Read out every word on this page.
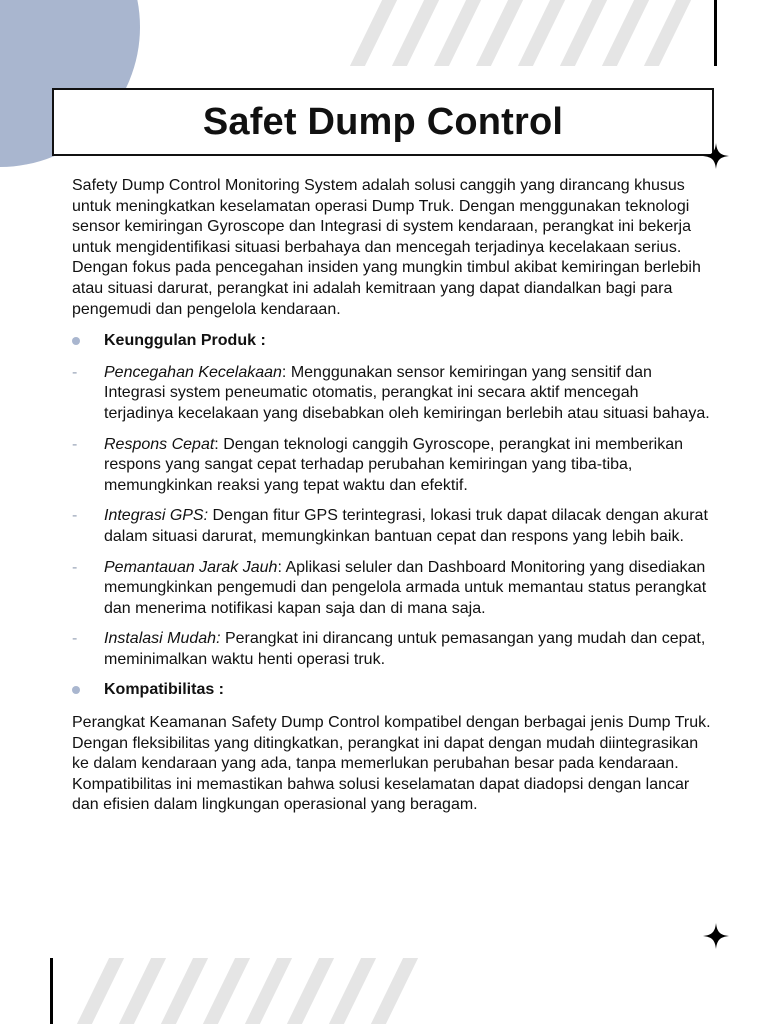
Safet Dump Control

Safety Dump Control Monitoring System adalah solusi canggih yang dirancang khusus untuk meningkatkan keselamatan operasi Dump Truk. Dengan menggunakan teknologi sensor kemiringan Gyroscope dan Integrasi di system kendaraan, perangkat ini bekerja untuk mengidentifikasi situasi berbahaya dan mencegah terjadinya kecelakaan serius. Dengan fokus pada pencegahan insiden yang mungkin timbul akibat kemiringan berlebih atau situasi darurat, perangkat ini adalah kemitraan yang dapat diandalkan bagi para pengemudi dan pengelola kendaraan.

Keunggulan Produk :
- Pencegahan Kecelakaan: Menggunakan sensor kemiringan yang sensitif dan Integrasi system peneumatic otomatis, perangkat ini secara aktif mencegah terjadinya kecelakaan yang disebabkan oleh kemiringan berlebih atau situasi bahaya.
- Respons Cepat: Dengan teknologi canggih Gyroscope, perangkat ini memberikan respons yang sangat cepat terhadap perubahan kemiringan yang tiba-tiba, memungkinkan reaksi yang tepat waktu dan efektif.
- Integrasi GPS: Dengan fitur GPS terintegrasi, lokasi truk dapat dilacak dengan akurat dalam situasi darurat, memungkinkan bantuan cepat dan respons yang lebih baik.
- Pemantauan Jarak Jauh: Aplikasi seluler dan Dashboard Monitoring yang disediakan memungkinkan pengemudi dan pengelola armada untuk memantau status perangkat dan menerima notifikasi kapan saja dan di mana saja.
- Instalasi Mudah: Perangkat ini dirancang untuk pemasangan yang mudah dan cepat, meminimalkan waktu henti operasi truk.
Kompatibilitas :

Perangkat Keamanan Safety Dump Control kompatibel dengan berbagai jenis Dump Truk. Dengan fleksibilitas yang ditingkatkan, perangkat ini dapat dengan mudah diintegrasikan ke dalam kendaraan yang ada, tanpa memerlukan perubahan besar pada kendaraan. Kompatibilitas ini memastikan bahwa solusi keselamatan dapat diadopsi dengan lancar dan efisien dalam lingkungan operasional yang beragam.
